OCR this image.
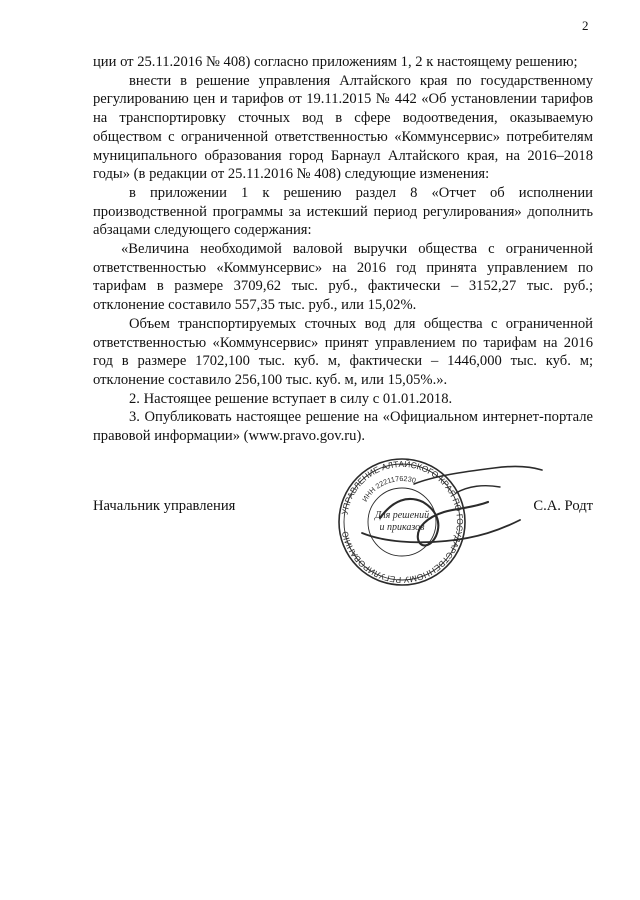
2

ции от 25.11.2016 № 408) согласно приложениям 1, 2 к настоящему решению;

внести в решение управления Алтайского края по государственному регулированию цен и тарифов от 19.11.2015 № 442 «Об установлении тарифов на транспортировку сточных вод в сфере водоотведения, оказываемую обществом с ограниченной ответственностью «Коммунсервис» потребителям муниципального образования город Барнаул Алтайского края, на 2016–2018 годы» (в редакции от 25.11.2016 № 408) следующие изменения:

в приложении 1 к решению раздел 8 «Отчет об исполнении производственной программы за истекший период регулирования» дополнить абзацами следующего содержания:

«Величина необходимой валовой выручки общества с ограниченной ответственностью «Коммунсервис» на 2016 год принята управлением по тарифам в размере 3709,62 тыс. руб., фактически – 3152,27 тыс. руб.; отклонение составило 557,35 тыс. руб., или 15,02%.

Объем транспортируемых сточных вод для общества с ограниченной ответственностью «Коммунсервис» принят управлением по тарифам на 2016 год в размере 1702,100 тыс. куб. м, фактически – 1446,000 тыс. куб. м; отклонение составило 256,100 тыс. куб. м, или 15,05%.».

2. Настоящее решение вступает в силу с 01.01.2018.

3. Опубликовать настоящее решение на «Официальном интернет-портале правовой информации» (www.pravo.gov.ru).

УПРАВЛЕНИЕ АЛТАЙСКОГО КРАЯ ПО ГОСУДАРСТВЕННОМУ РЕГУЛИРОВАНИЮ
ИНН 2221176230
Для решений
и приказов
Начальник управления	С.А. Родт
